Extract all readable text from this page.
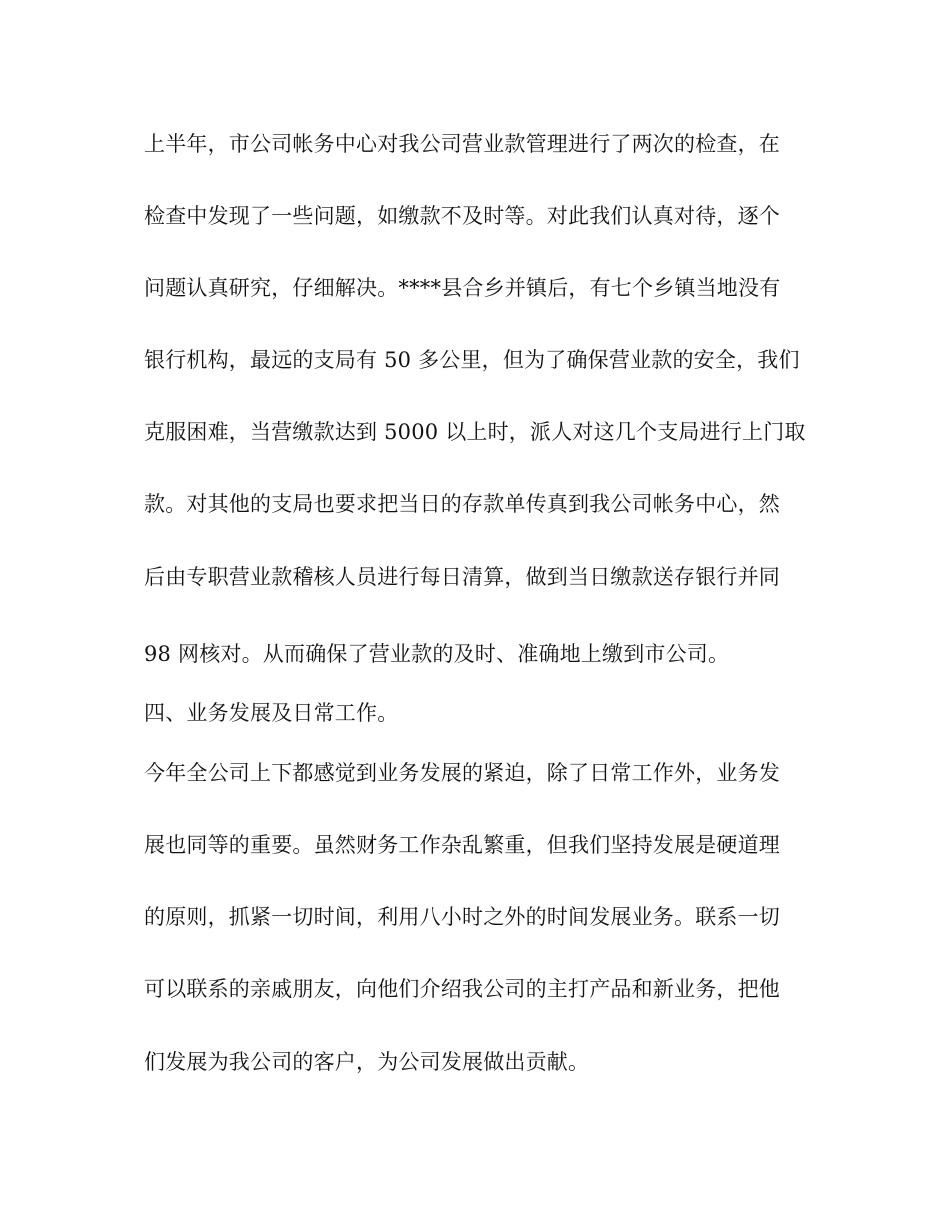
上半年，市公司帐务中心对我公司营业款管理进行了两次的检查，在
检查中发现了一些问题，如缴款不及时等。对此我们认真对待，逐个
问题认真研究，仔细解决。****县合乡并镇后，有七个乡镇当地没有
银行机构，最远的支局有 50 多公里，但为了确保营业款的安全，我们
克服困难，当营缴款达到 5000 以上时，派人对这几个支局进行上门取
款。对其他的支局也要求把当日的存款单传真到我公司帐务中心，然
后由专职营业款稽核人员进行每日清算，做到当日缴款送存银行并同
98 网核对。从而确保了营业款的及时、准确地上缴到市公司。
四、业务发展及日常工作。
今年全公司上下都感觉到业务发展的紧迫，除了日常工作外，业务发
展也同等的重要。虽然财务工作杂乱繁重，但我们坚持发展是硬道理
的原则，抓紧一切时间，利用八小时之外的时间发展业务。联系一切
可以联系的亲戚朋友，向他们介绍我公司的主打产品和新业务，把他
们发展为我公司的客户，为公司发展做出贡献。
